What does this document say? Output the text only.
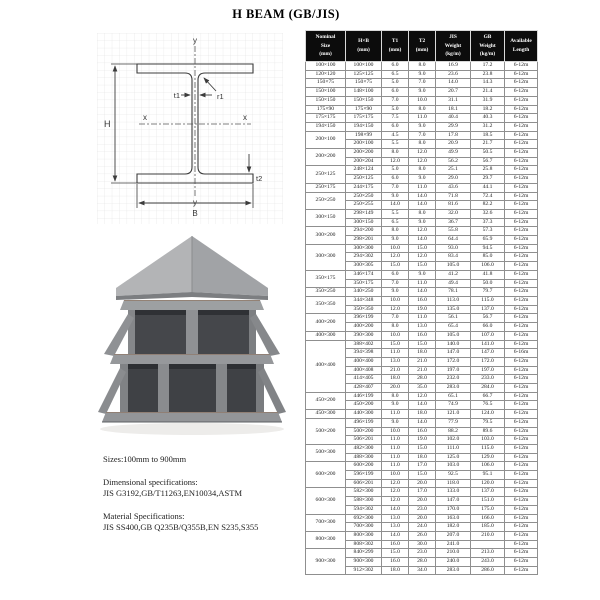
H BEAM (GB/JIS)
y
y
x	x
H
B
t1	r1
t2

Sizes:100mm to 900mm

Dimensional specifications:

JIS G3192,GB/T11263,EN10034,ASTM

Material Specifications:

JIS SS400,GB Q235B/Q355B,EN S235,S355

Nominal
Size
(mm)

H×B
(mm)

T1
(mm)

T2
(mm)

JIS
Weight
(kg/m)

GB
Weight
(kg/m)

Available
Length

100×100	100×100	6.0	8.0	16.9	17.2	6-12m
120×120	125×125	6.5	9.0	23.6	23.8	6-12m
150×75	150×75	5.0	7.0	14.0	14.3	6-12m
150×100	148×100	6.0	9.0	20.7	21.4	6-12m
150×150	150×150	7.0	10.0	31.1	31.9	6-12m
175×90	175×90	5.0	8.0	18.1	18.2	6-12m
175×175	175×175	7.5	11.0	40.4	40.3	6-12m
194×150	194×150	6.0	9.0	29.9	31.2	6-12m
200×100	198×99	4.5	7.0	17.8	18.5	6-12m
	200×100	5.5	8.0	20.9	21.7	6-12m
200×200	200×200	8.0	12.0	49.9	50.5	6-12m
	200×204	12.0	12.0	56.2	56.7	6-12m
250×125	248×124	5.0	8.0	25.1	25.8	6-12m
	250×125	6.0	9.0	29.0	29.7	6-12m
250×175	244×175	7.0	11.0	43.6	44.1	6-12m
250×250	250×250	9.0	14.0	71.8	72.4	6-12m
	250×255	14.0	14.0	81.6	82.2	6-12m
300×150	298×149	5.5	8.0	32.0	32.6	6-12m
	300×150	6.5	9.0	36.7	37.3	6-12m
300×200	294×200	8.0	12.0	55.8	57.3	6-12m
	298×201	9.0	14.0	64.4	65.9	6-12m
300×300	300×300	10.0	15.0	93.0	94.5	6-12m
	294×302	12.0	12.0	83.4	85.0	6-12m
	300×305	15.0	15.0	105.0	106.0	6-12m
350×175	346×174	6.0	9.0	41.2	41.8	6-12m
	350×175	7.0	11.0	49.4	50.0	6-12m
350×250	340×250	9.0	14.0	78.1	79.7	6-12m
350×350	344×348	10.0	16.0	113.0	115.0	6-12m
	350×350	12.0	19.0	135.0	137.0	6-12m
400×200	396×199	7.0	11.0	56.1	56.7	6-12m
	400×200	8.0	13.0	65.4	66.0	6-12m
400×300	390×300	10.0	16.0	105.0	107.0	6-12m
400×400	388×402	15.0	15.0	140.0	141.0	6-12m
	394×398	11.0	18.0	147.0	147.0	6-16m
	400×400	13.0	21.0	172.0	172.0	6-12m
	400×408	21.0	21.0	197.0	197.0	6-12m
	414×405	18.0	28.0	232.0	233.0	6-12m
	428×407	20.0	35.0	283.0	284.0	6-12m
450×200	446×199	8.0	12.0	65.1	66.7	6-12m
	450×200	9.0	14.0	74.9	76.5	6-12m
450×300	440×300	11.0	18.0	121.0	124.0	6-12m
500×200	496×199	9.0	14.0	77.9	79.5	6-12m
	500×200	10.0	16.0	88.2	89.6	6-12m
	506×201	11.0	19.0	102.0	103.0	6-12m
500×300	482×300	11.0	15.0	111.0	115.0	6-12m
	488×300	11.0	18.0	125.0	129.0	6-12m
600×200	600×200	11.0	17.0	103.0	106.0	6-12m
	596×199	10.0	15.0	92.5	95.1	6-12m
	606×201	12.0	20.0	118.0	120.0	6-12m
600×300	582×300	12.0	17.0	133.0	137.0	6-12m
	588×300	12.0	20.0	147.0	151.0	6-12m
	594×302	14.0	23.0	170.0	175.0	6-12m
700×300	692×300	13.0	20.0	163.0	166.0	6-12m
	700×300	13.0	24.0	182.0	185.0	6-12m
800×300	800×300	14.0	26.0	207.0	210.0	6-12m
	808×302	16.0	30.0	241.0		6-12m
900×300	840×299	15.0	23.0	210.0	213.0	6-12m
	900×300	16.0	28.0	240.0	243.0	6-12m
	912×302	18.0	34.0	283.0	286.0	6-12m
